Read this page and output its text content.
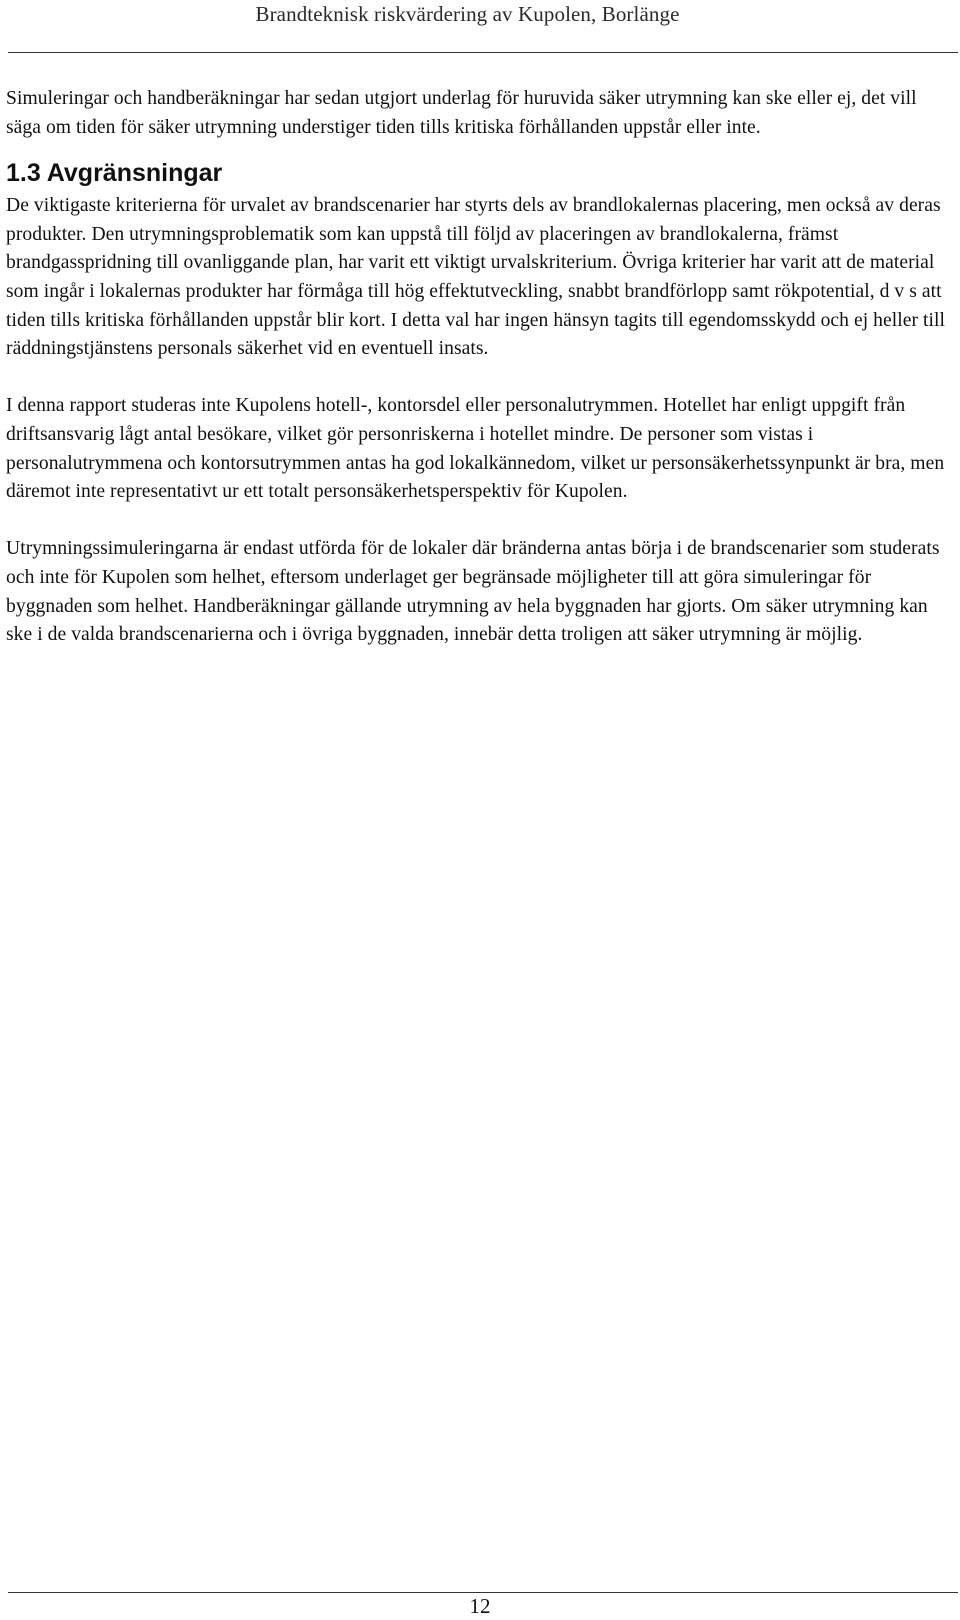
Brandteknisk riskvärdering av Kupolen, Borlänge

Simuleringar och handberäkningar har sedan utgjort underlag för huruvida säker utrymning kan ske eller ej, det vill säga om tiden för säker utrymning understiger tiden tills kritiska förhållanden uppstår eller inte.

1.3 Avgränsningar

De viktigaste kriterierna för urvalet av brandscenarier har styrts dels av brandlokalernas placering, men också av deras produkter. Den utrymningsproblematik som kan uppstå till följd av placeringen av brandlokalerna, främst brandgasspridning till ovanliggande plan, har varit ett viktigt urvalskriterium. Övriga kriterier har varit att de material som ingår i lokalernas produkter har förmåga till hög effektutveckling, snabbt brandförlopp samt rökpotential, d v s att tiden tills kritiska förhållanden uppstår blir kort. I detta val har ingen hänsyn tagits till egendomsskydd och ej heller till räddningstjänstens personals säkerhet vid en eventuell insats.

I denna rapport studeras inte Kupolens hotell-, kontorsdel eller personalutrymmen. Hotellet har enligt uppgift från driftsansvarig lågt antal besökare, vilket gör personriskerna i hotellet mindre. De personer som vistas i personalutrymmena och kontorsutrymmen antas ha god lokalkännedom, vilket ur personsäkerhetssynpunkt är bra, men däremot inte representativt ur ett totalt personsäkerhetsperspektiv för Kupolen.

Utrymningssimuleringarna är endast utförda för de lokaler där bränderna antas börja i de brandscenarier som studerats och inte för Kupolen som helhet, eftersom underlaget ger begränsade möjligheter till att göra simuleringar för byggnaden som helhet. Handberäkningar gällande utrymning av hela byggnaden har gjorts. Om säker utrymning kan ske i de valda brandscenarierna och i övriga byggnaden, innebär detta troligen att säker utrymning är möjlig.

12
